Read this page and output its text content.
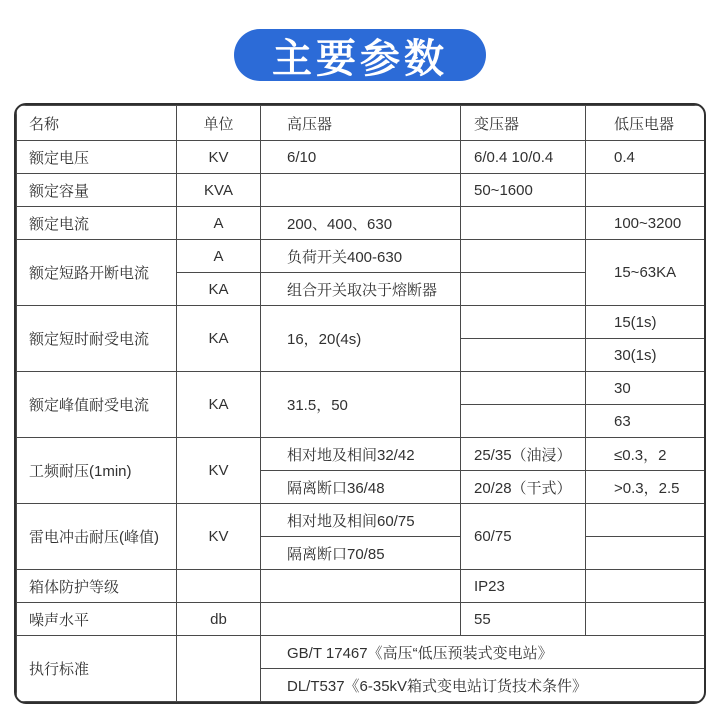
主要参数
名称	单位	高压器	变压器	低压电器
额定电压	KV	6/10	6/0.4 10/0.4	0.4
额定容量	KVA		50~1600	
额定电流	A	200、400、630		100~3200
额定短路开断电流	A	负荷开关400-630		15~63KA
	KA	组合开关取决于熔断器		
额定短时耐受电流	KA	16，20(4s)		15(1s)
				30(1s)
额定峰值耐受电流	KA	31.5，50		30
				63
工频耐压(1min)	KV	相对地及相间32/42	25/35（油浸）	≤0.3，2
		隔离断口36/48	20/28（干式）	>0.3，2.5
雷电冲击耐压(峰值)	KV	相对地及相间60/75	60/75	
		隔离断口70/85		
箱体防护等级			IP23	
噪声水平	db		55	
执行标准		GB/T 17467《高压“低压预装式变电站》		
		DL/T537《6-35kV箱式变电站订货技术条件》		
